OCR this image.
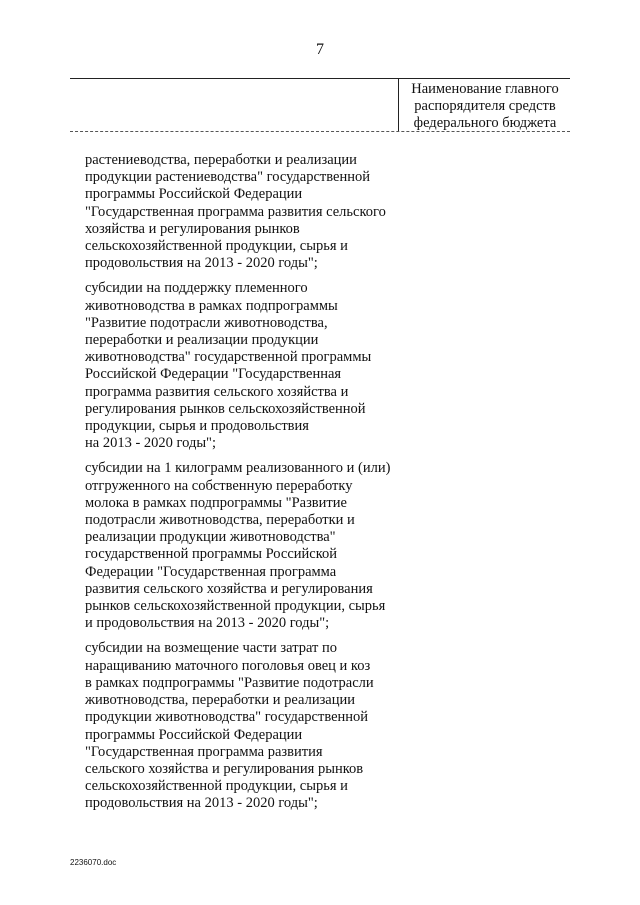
7
Наименование главного
распорядителя средств
федерального бюджета

растениеводства, переработки и реализации
продукции растениеводства" государственной
программы Российской Федерации
"Государственная программа развития сельского
хозяйства и регулирования рынков
сельскохозяйственной продукции, сырья и
продовольствия на 2013 - 2020 годы";

субсидии на поддержку племенного
животноводства в рамках подпрограммы
"Развитие подотрасли животноводства,
переработки и реализации продукции
животноводства" государственной программы
Российской Федерации "Государственная
программа развития сельского хозяйства и
регулирования рынков сельскохозяйственной
продукции, сырья и продовольствия
на 2013 - 2020 годы";

субсидии на 1 килограмм реализованного и (или)
отгруженного на собственную переработку
молока в рамках подпрограммы "Развитие
подотрасли животноводства, переработки и
реализации продукции животноводства"
государственной программы Российской
Федерации "Государственная программа
развития сельского хозяйства и регулирования
рынков сельскохозяйственной продукции, сырья
и продовольствия на 2013 - 2020 годы";

субсидии на возмещение части затрат по
наращиванию маточного поголовья овец и коз
в рамках подпрограммы "Развитие подотрасли
животноводства, переработки и реализации
продукции животноводства" государственной
программы Российской Федерации
"Государственная программа развития
сельского хозяйства и регулирования рынков
сельскохозяйственной продукции, сырья и
продовольствия на 2013 - 2020 годы";

2236070.doc
